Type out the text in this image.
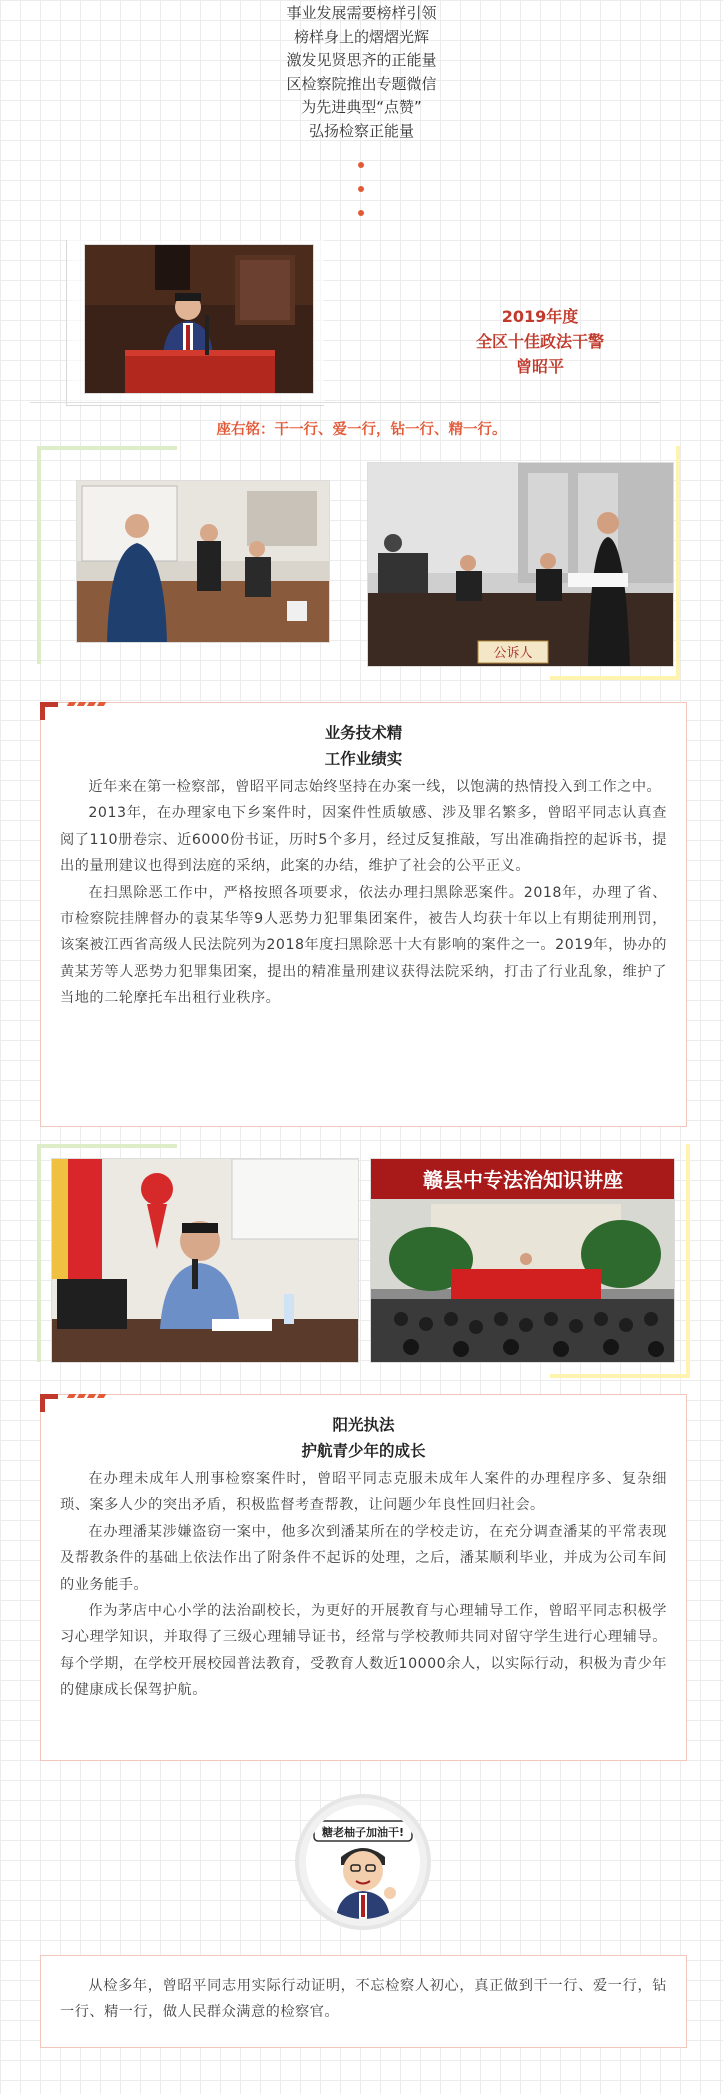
事业发展需要榜样引领

榜样身上的熠熠光辉

激发见贤思齐的正能量

区检察院推出专题微信

为先进典型“点赞”

弘扬检察正能量

2019年度
全区十佳政法干警
曾昭平
座右铭：干一行、爱一行，钻一行、精一行。
公诉人
业务技术精
工作业绩实

近年来在第一检察部，曾昭平同志始终坚持在办案一线，以饱满的热情投入到工作之中。

2013年，在办理家电下乡案件时，因案件性质敏感、涉及罪名繁多，曾昭平同志认真查阅了110册卷宗、近6000份书证，历时5个多月，经过反复推敲，写出准确指控的起诉书，提出的量刑建议也得到法庭的采纳，此案的办结，维护了社会的公平正义。

在扫黑除恶工作中，严格按照各项要求，依法办理扫黑除恶案件。2018年，办理了省、市检察院挂牌督办的袁某华等9人恶势力犯罪集团案件，被告人均获十年以上有期徒刑刑罚，该案被江西省高级人民法院列为2018年度扫黑除恶十大有影响的案件之一。2019年，协办的黄某芳等人恶势力犯罪集团案，提出的精准量刑建议获得法院采纳，打击了行业乱象，维护了当地的二轮摩托车出租行业秩序。

赣县中专法治知识讲座
阳光执法
护航青少年的成长

在办理未成年人刑事检察案件时，曾昭平同志克服未成年人案件的办理程序多、复杂细琐、案多人少的突出矛盾，积极监督考查帮教，让问题少年良性回归社会。

在办理潘某涉嫌盗窃一案中，他多次到潘某所在的学校走访，在充分调查潘某的平常表现及帮教条件的基础上依法作出了附条件不起诉的处理，之后，潘某顺利毕业，并成为公司车间的业务能手。

作为茅店中心小学的法治副校长，为更好的开展教育与心理辅导工作，曾昭平同志积极学习心理学知识，并取得了三级心理辅导证书，经常与学校教师共同对留守学生进行心理辅导。每个学期，在学校开展校园普法教育，受教育人数近10000余人，以实际行动，积极为青少年的健康成长保驾护航。

糖老柚子加油干!

从检多年，曾昭平同志用实际行动证明，不忘检察人初心，真正做到干一行、爱一行，钻一行、精一行，做人民群众满意的检察官。
